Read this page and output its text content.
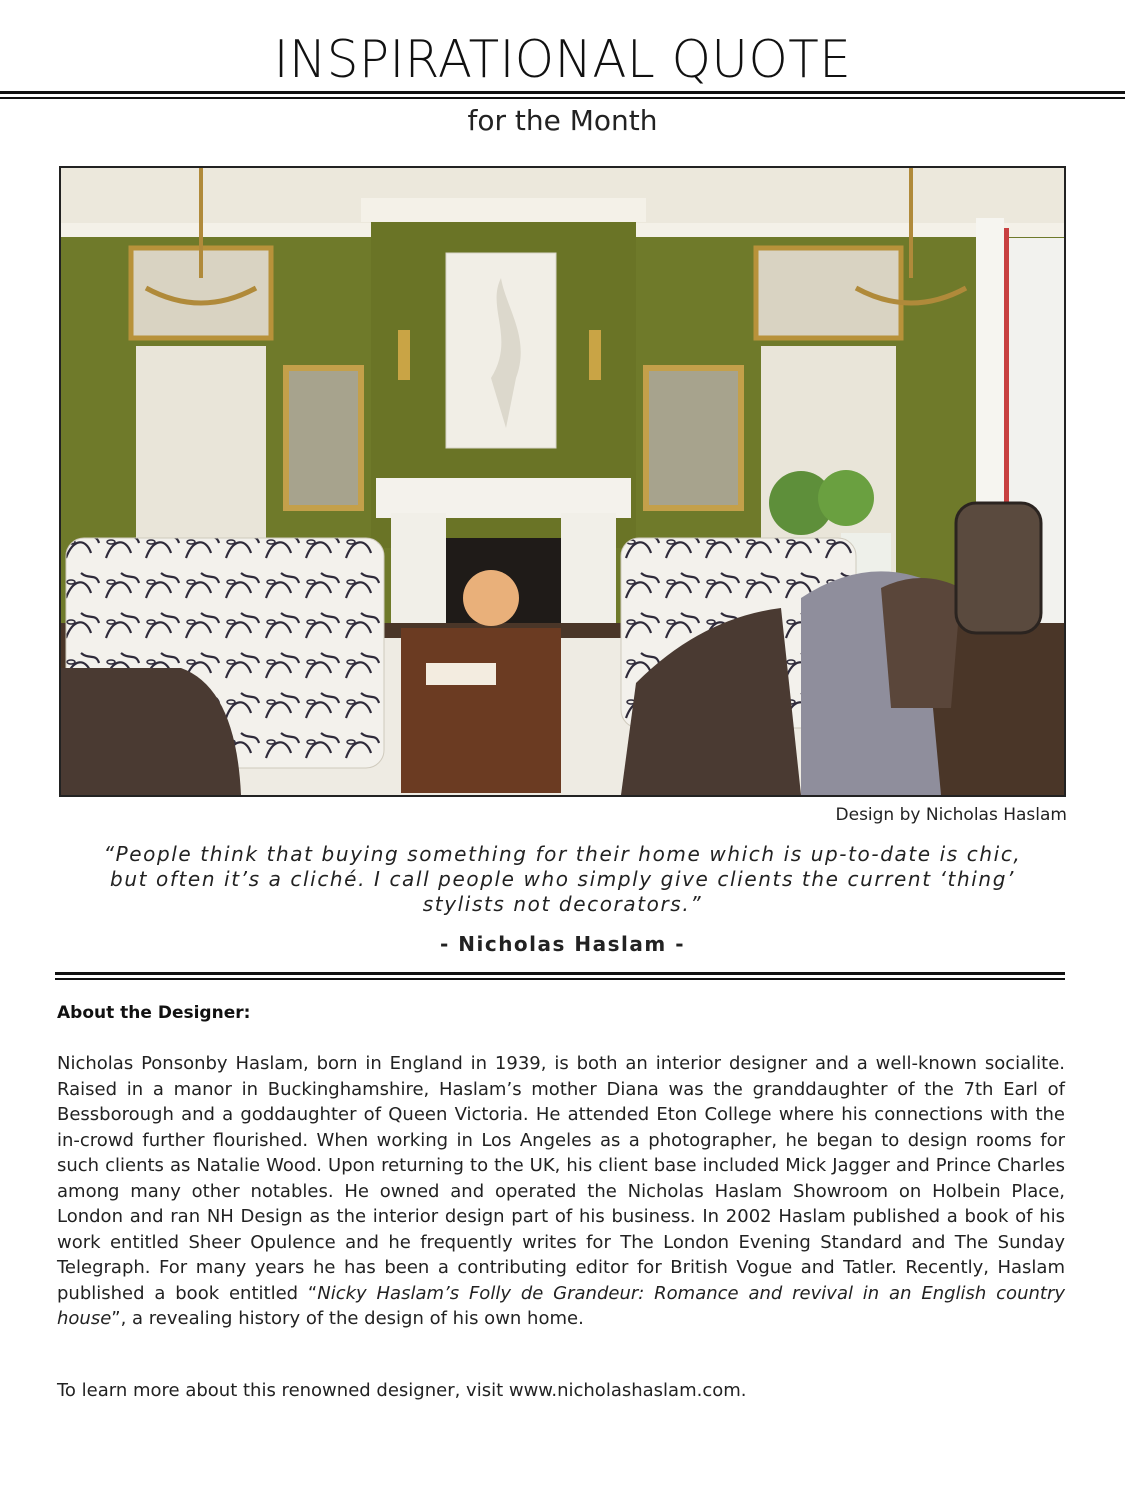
INSPIRATIONAL QUOTE
for the Month
Design by Nicholas Haslam
“People think that buying something for their home which is up-to-date is chic,
but often it’s a cliché. I call people who simply give clients the current ‘thing’
stylists not decorators.”
- Nicholas Haslam -
About the Designer:
Nicholas Ponsonby Haslam, born in England in 1939, is both an interior designer and a well-known socialite. Raised in a manor in Buckinghamshire, Haslam’s mother Diana was the granddaughter of the 7th Earl of Bessborough and a goddaughter of Queen Victoria. He attended Eton College where his connections with the in-crowd further flourished. When working in Los Angeles as a photographer, he began to design rooms for such clients as Natalie Wood. Upon returning to the UK, his client base included Mick Jagger and Prince Charles among many other notables. He owned and operated the Nicholas Haslam Showroom on Holbein Place, London and ran NH Design as the interior design part of his business. In 2002 Haslam published a book of his work entitled Sheer Opulence and he frequently writes for The London Evening Standard and The Sunday Telegraph. For many years he has been a contributing editor for British Vogue and Tatler. Recently, Haslam published a book entitled “Nicky Haslam’s Folly de Grandeur: Romance and revival in an English country house”, a revealing history of the design of his own home.
To learn more about this renowned designer, visit www.nicholashaslam.com.
